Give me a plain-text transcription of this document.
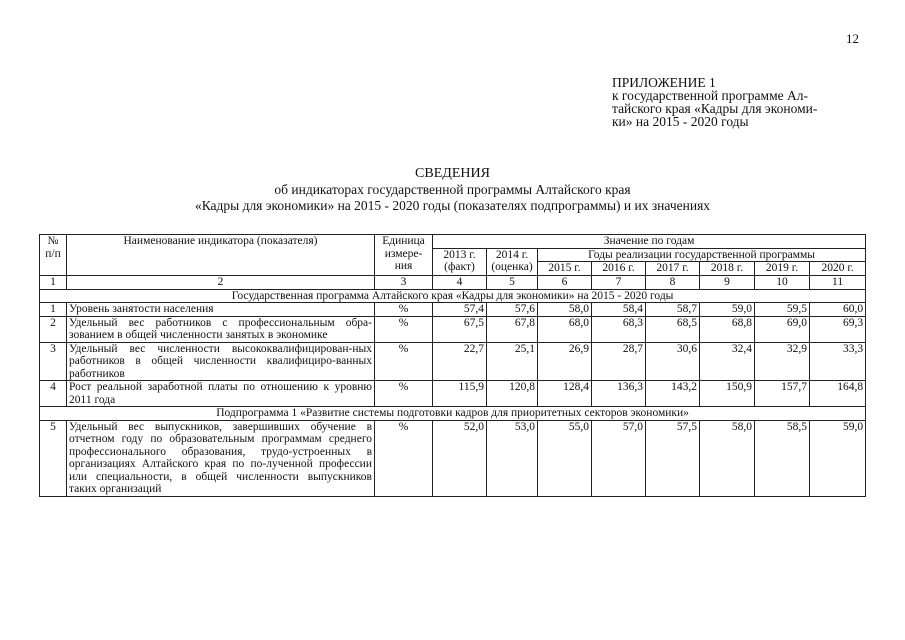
12
ПРИЛОЖЕНИЕ 1
к государственной программе Ал-
тайского края «Кадры для экономи-
ки» на 2015 - 2020 годы
СВЕДЕНИЯ
об индикаторах государственной программы Алтайского края
«Кадры для экономики» на 2015 - 2020 годы (показателях подпрограммы) и их значениях
№ п/п	Наименование индикатора (показателя)	Единица измере-ния	Значение по годам							
			2013 г. (факт)	2014 г. (оценка)	Годы реализации государственной программы					
					2015 г.	2016 г.	2017 г.	2018 г.	2019 г.	2020 г.
1	2	3	4	5	6	7	8	9	10	11
Государственная программа Алтайского края «Кадры для экономики» на 2015 - 2020 годы										
1	Уровень занятости населения	%	57,4	57,6	58,0	58,4	58,7	59,0	59,5	60,0
2	Удельный вес работников с профессиональным обра-зованием в общей численности занятых в экономике	%	67,5	67,8	68,0	68,3	68,5	68,8	69,0	69,3
3	Удельный вес численности высококвалифицирован-ных работников в общей численности квалифициро-ванных работников	%	22,7	25,1	26,9	28,7	30,6	32,4	32,9	33,3
4	Рост реальной заработной платы по отношению к уровню 2011 года	%	115,9	120,8	128,4	136,3	143,2	150,9	157,7	164,8
Подпрограмма 1 «Развитие системы подготовки кадров для приоритетных секторов экономики»										
5	Удельный вес выпускников, завершивших обучение в отчетном году по образовательным программам среднего профессионального образования, трудо-устроенных в организациях Алтайского края по по-лученной профессии или специальности, в общей численности выпускников таких организаций	%	52,0	53,0	55,0	57,0	57,5	58,0	58,5	59,0
